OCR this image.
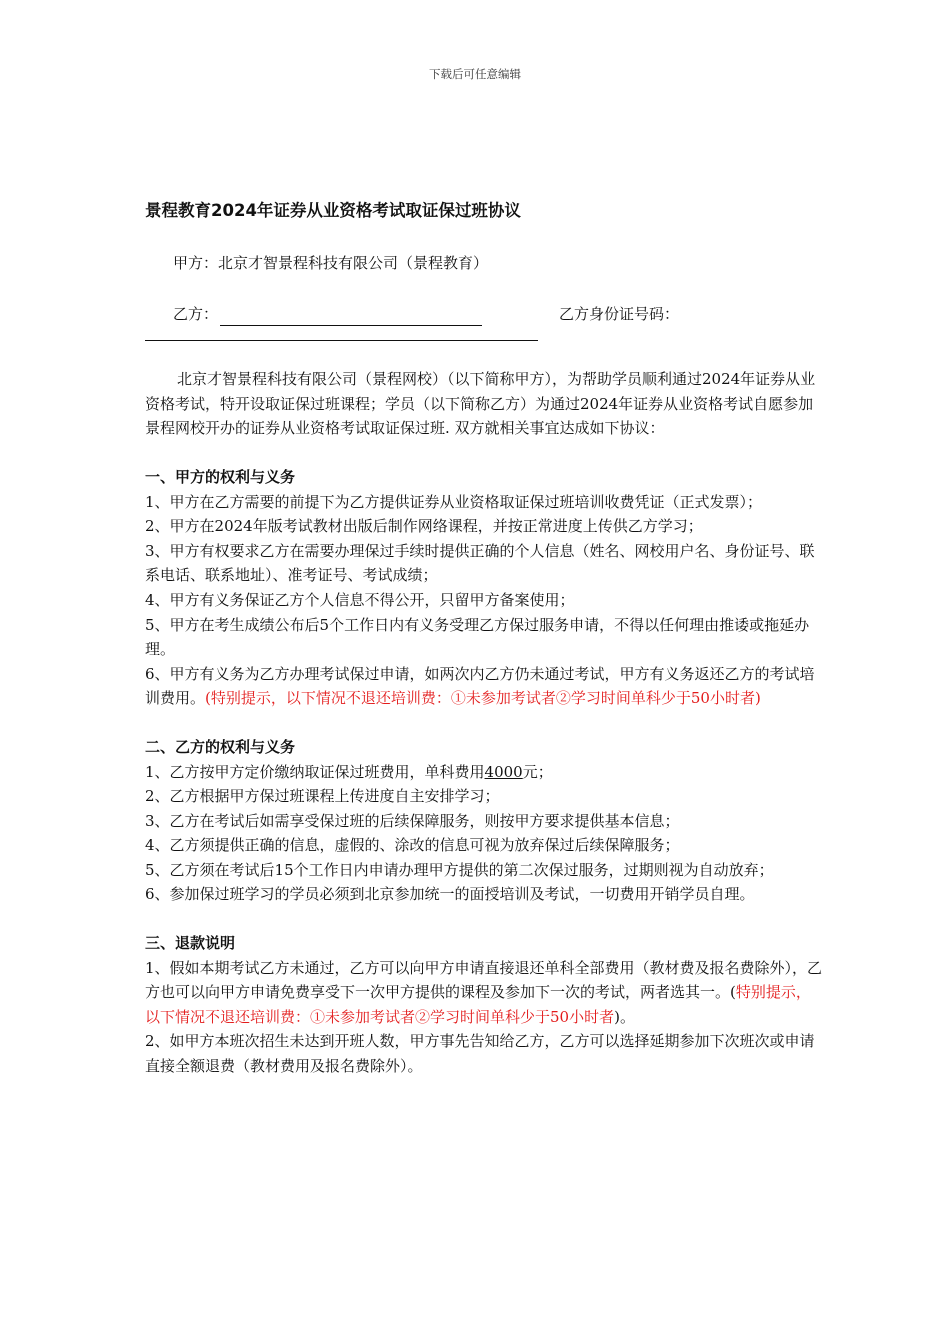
下载后可任意编辑
景程教育2024年证券从业资格考试取证保过班协议
甲方：北京才智景程科技有限公司（景程教育）
乙方：	乙方身份证号码：

北京才智景程科技有限公司（景程网校）（以下简称甲方），为帮助学员顺利通过2024年证券从业资格考试，特开设取证保过班课程；学员（以下简称乙方）为通过2024年证券从业资格考试自愿参加景程网校开办的证券从业资格考试取证保过班. 双方就相关事宜达成如下协议：

一、甲方的权利与义务

1、甲方在乙方需要的前提下为乙方提供证券从业资格取证保过班培训收费凭证（正式发票）；

2、甲方在2024年版考试教材出版后制作网络课程，并按正常进度上传供乙方学习；

3、甲方有权要求乙方在需要办理保过手续时提供正确的个人信息（姓名、网校用户名、身份证号、联系电话、联系地址）、准考证号、考试成绩；

4、甲方有义务保证乙方个人信息不得公开，只留甲方备案使用；

5、甲方在考生成绩公布后5个工作日内有义务受理乙方保过服务申请，不得以任何理由推诿或拖延办理。

6、甲方有义务为乙方办理考试保过申请，如两次内乙方仍未通过考试，甲方有义务返还乙方的考试培训费用。(特别提示，以下情况不退还培训费：①未参加考试者②学习时间单科少于50小时者)

二、乙方的权利与义务

1、乙方按甲方定价缴纳取证保过班费用，单科费用4000元；

2、乙方根据甲方保过班课程上传进度自主安排学习；

3、乙方在考试后如需享受保过班的后续保障服务，则按甲方要求提供基本信息；

4、乙方须提供正确的信息，虚假的、涂改的信息可视为放弃保过后续保障服务；

5、乙方须在考试后15个工作日内申请办理甲方提供的第二次保过服务，过期则视为自动放弃；

6、参加保过班学习的学员必须到北京参加统一的面授培训及考试，一切费用开销学员自理。

三、退款说明

1、假如本期考试乙方未通过，乙方可以向甲方申请直接退还单科全部费用（教材费及报名费除外），乙方也可以向甲方申请免费享受下一次甲方提供的课程及参加下一次的考试，两者选其一。(特别提示，以下情况不退还培训费：①未参加考试者②学习时间单科少于50小时者)。

2、如甲方本班次招生未达到开班人数，甲方事先告知给乙方，乙方可以选择延期参加下次班次或申请直接全额退费（教材费用及报名费除外）。
